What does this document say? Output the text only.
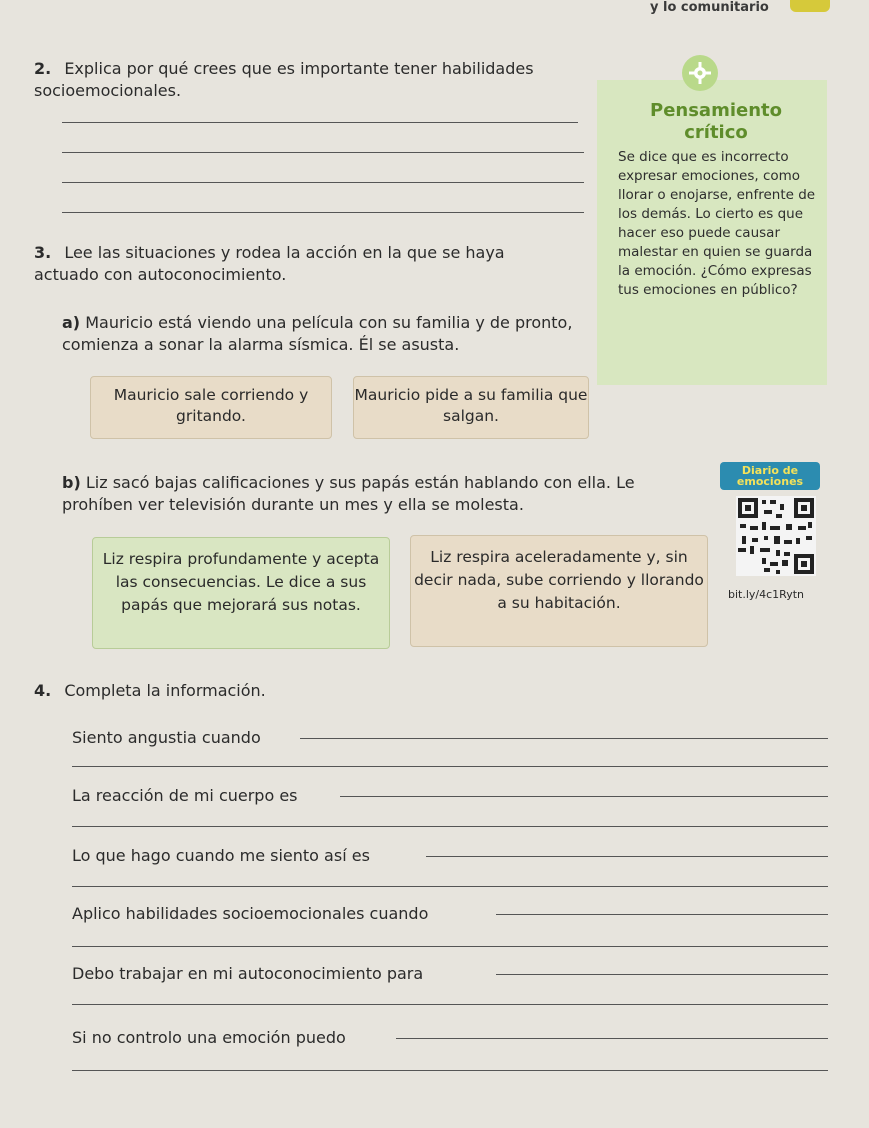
y lo comunitario
2. Explica por qué crees que es importante tener habilidades socioemocionales.
Pensamiento
crítico
Se dice que es incorrecto expresar emociones, como llorar o enojarse, enfrente de los demás. Lo cierto es que hacer eso puede causar malestar en quien se guarda la emoción. ¿Cómo expresas tus emociones en público?
3. Lee las situaciones y rodea la acción en la que se haya actuado con autoconocimiento.
a) Mauricio está viendo una película con su familia y de pronto, comienza a sonar la alarma sísmica. Él se asusta.
Mauricio sale corriendo y gritando.
Mauricio pide a su familia que salgan.
b) Liz sacó bajas calificaciones y sus papás están hablando con ella. Le prohíben ver televisión durante un mes y ella se molesta.
Liz respira profundamente y acepta las consecuencias. Le dice a sus papás que mejorará sus notas.
Liz respira aceleradamente y, sin decir nada, sube corriendo y llorando a su habitación.
Diario de
emociones
bit.ly/4c1Rytn
4. Completa la información.
Siento angustia cuando
La reacción de mi cuerpo es
Lo que hago cuando me siento así es
Aplico habilidades socioemocionales cuando
Debo trabajar en mi autoconocimiento para
Si no controlo una emoción puedo
